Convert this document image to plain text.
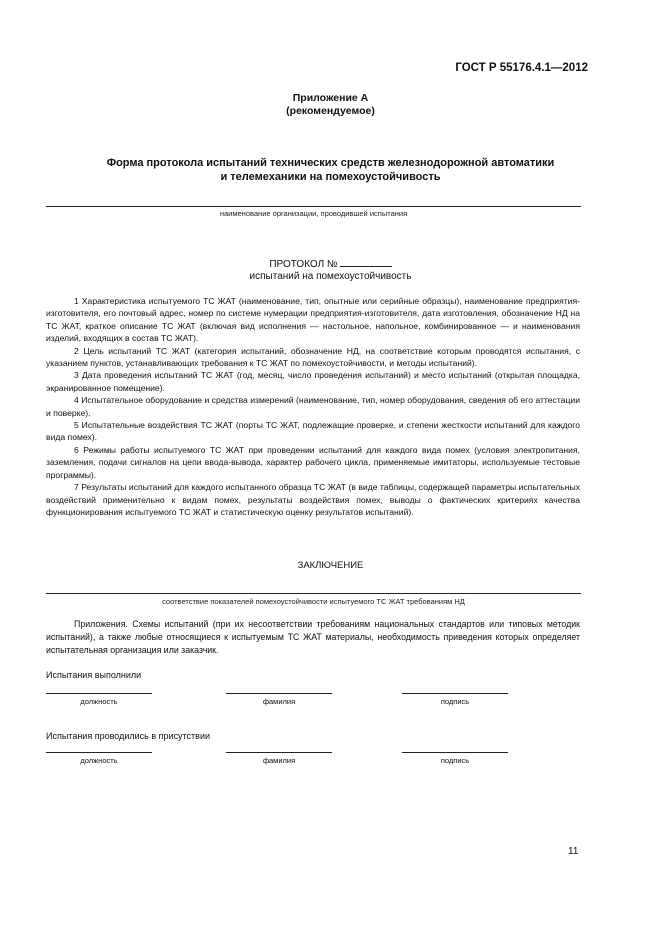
ГОСТ Р 55176.4.1—2012
Приложение А
(рекомендуемое)
Форма протокола испытаний технических средств железнодорожной автоматики
и телемеханики на помехоустойчивость
наименование организации, проводившей испытания
ПРОТОКОЛ №
испытаний на помехоустойчивость

1 Характеристика испытуемого ТС ЖАТ (наименование, тип, опытные или серийные образцы), наименование предприятия-изготовителя, его почтовый адрес, номер по системе нумерации предприятия-изготовителя, дата изготовления, обозначение НД на ТС ЖАТ, краткое описание ТС ЖАТ (включая вид исполнения — настольное, напольное, комбинированное — и наименования изделий, входящих в состав ТС ЖАТ).

2 Цель испытаний ТС ЖАТ (категория испытаний, обозначение НД, на соответствие которым проводятся испытания, с указанием пунктов, устанавливающих требования к ТС ЖАТ по помехоустойчивости, и методы испытаний).

3 Дата проведения испытаний ТС ЖАТ (год, месяц, число проведения испытаний) и место испытаний (открытая площадка, экранированное помещение).

4 Испытательное оборудование и средства измерений (наименование, тип, номер оборудования, сведения об его аттестации и поверке).

5 Испытательные воздействия ТС ЖАТ (порты ТС ЖАТ, подлежащие проверке, и степени жесткости испытаний для каждого вида помех).

6 Режимы работы испытуемого ТС ЖАТ при проведении испытаний для каждого вида помех (условия электропитания, заземления, подачи сигналов на цепи ввода-вывода, характер рабочего цикла, применяемые имитаторы, используемые тестовые программы).

7 Результаты испытаний для каждого испытанного образца ТС ЖАТ (в виде таблицы, содержащей параметры испытательных воздействий применительно к видам помех, результаты воздействия помех, выводы о фактических критериях качества функционирования испытуемого ТС ЖАТ и статистическую оценку результатов испытаний).

ЗАКЛЮЧЕНИЕ
соответствие показателей помехоустойчивости испытуемого ТС ЖАТ требованиям НД
Приложения. Схемы испытаний (при их несоответствии требованиям национальных стандартов или типовых методик испытаний), а также любые относящиеся к испытуемым ТС ЖАТ материалы, необходимость приведения которых определяет испытательная организация или заказчик.
Испытания выполнили
должность	фамилия	подпись
Испытания проводились в присутствии
должность	фамилия	подпись
11
